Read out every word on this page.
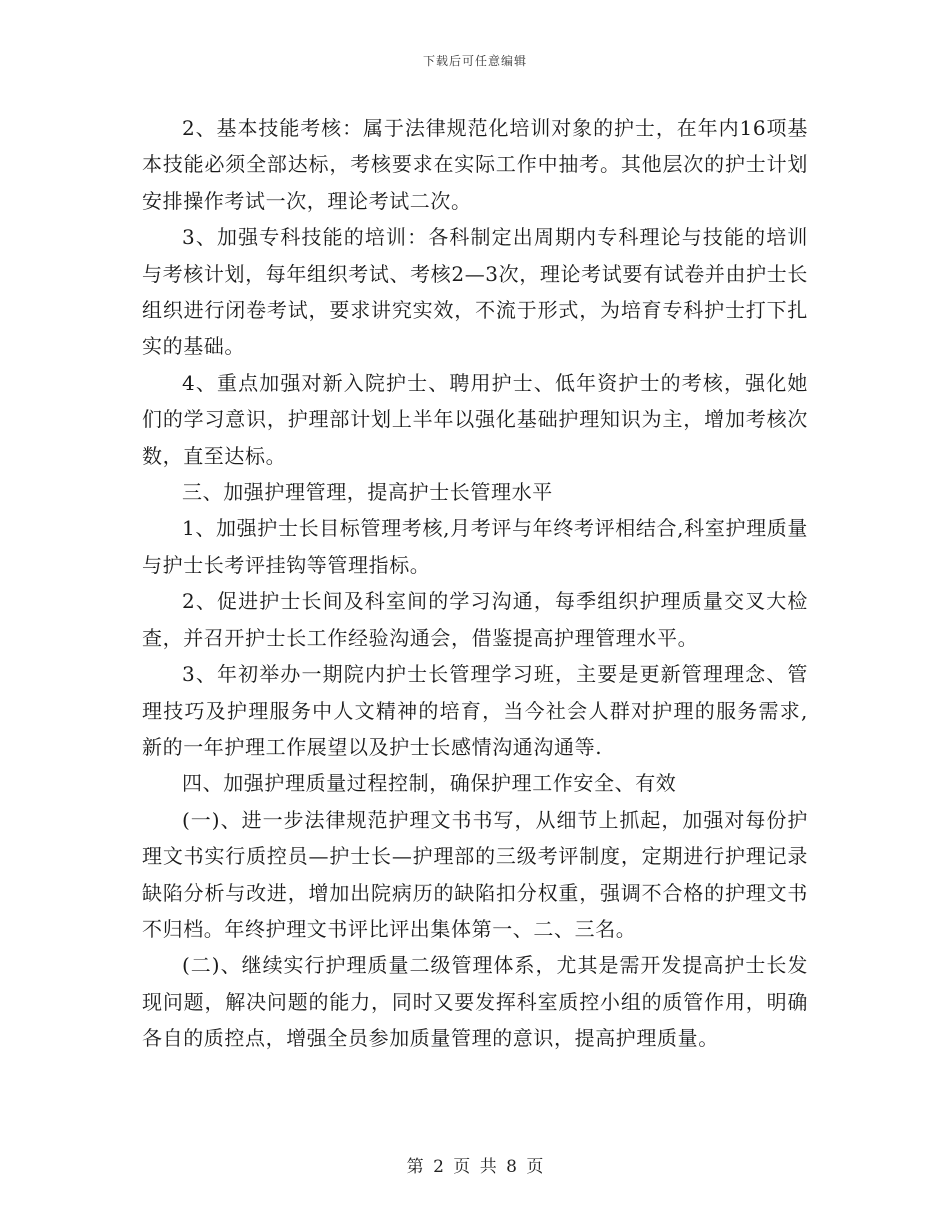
下载后可任意编辑

2、基本技能考核：属于法律规范化培训对象的护士，在年内16项基本技能必须全部达标，考核要求在实际工作中抽考。其他层次的护士计划安排操作考试一次，理论考试二次。

3、加强专科技能的培训：各科制定出周期内专科理论与技能的培训与考核计划，每年组织考试、考核2—3次，理论考试要有试卷并由护士长组织进行闭卷考试，要求讲究实效，不流于形式，为培育专科护士打下扎实的基础。

4、重点加强对新入院护士、聘用护士、低年资护士的考核，强化她们的学习意识，护理部计划上半年以强化基础护理知识为主，增加考核次数，直至达标。

三、加强护理管理，提高护士长管理水平

1、加强护士长目标管理考核,月考评与年终考评相结合,科室护理质量与护士长考评挂钩等管理指标。

2、促进护士长间及科室间的学习沟通，每季组织护理质量交叉大检查，并召开护士长工作经验沟通会，借鉴提高护理管理水平。

3、年初举办一期院内护士长管理学习班，主要是更新管理理念、管理技巧及护理服务中人文精神的培育，当今社会人群对护理的服务需求,新的一年护理工作展望以及护士长感情沟通沟通等.

四、加强护理质量过程控制，确保护理工作安全、有效

(一)、进一步法律规范护理文书书写，从细节上抓起，加强对每份护理文书实行质控员—护士长—护理部的三级考评制度，定期进行护理记录缺陷分析与改进，增加出院病历的缺陷扣分权重，强调不合格的护理文书不归档。年终护理文书评比评出集体第一、二、三名。

(二)、继续实行护理质量二级管理体系，尤其是需开发提高护士长发现问题，解决问题的能力，同时又要发挥科室质控小组的质管作用，明确各自的质控点，增强全员参加质量管理的意识，提高护理质量。

第 2 页 共 8 页
